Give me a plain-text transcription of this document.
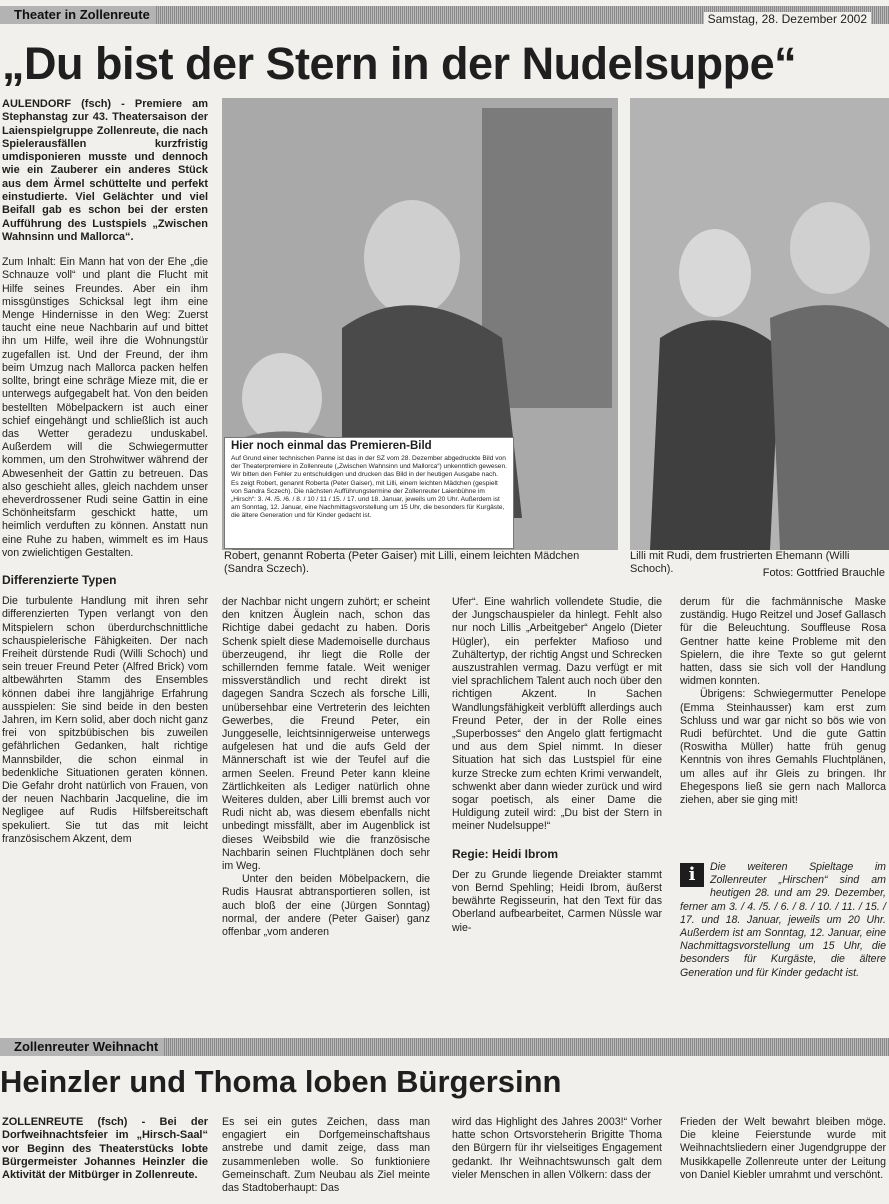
Theater in Zollenreute	Samstag, 28. Dezember 2002
„Du bist der Stern in der Nudelsuppe“

AULENDORF (fsch) - Premiere am Stephanstag zur 43. Theatersaison der Laienspielgruppe Zollenreute, die nach Spielerausfällen kurzfristig umdisponieren musste und dennoch wie ein Zauberer ein anderes Stück aus dem Ärmel schüttelte und perfekt einstudierte. Viel Gelächter und viel Beifall gab es schon bei der ersten Aufführung des Lustspiels „Zwischen Wahnsinn und Mallorca“.

Zum Inhalt: Ein Mann hat von der Ehe „die Schnauze voll“ und plant die Flucht mit Hilfe seines Freundes. Aber ein ihm missgünstiges Schicksal legt ihm eine Menge Hindernisse in den Weg: Zuerst taucht eine neue Nachbarin auf und bittet ihn um Hilfe, weil ihre die Wohnungstür zugefallen ist. Und der Freund, der ihm beim Umzug nach Mallorca packen helfen sollte, bringt eine schräge Mieze mit, die er unterwegs aufgegabelt hat. Von den beiden bestellten Möbelpackern ist auch einer schief eingehängt und schließlich ist auch das Wetter geradezu unduskabel. Außerdem will die Schwiegermutter kommen, um den Strohwitwer während der Abwesenheit der Gattin zu betreuen. Das also geschieht alles, gleich nachdem unser eheverdrossener Rudi seine Gattin in eine Schönheitsfarm geschickt hatte, um heimlich verduften zu können. Anstatt nun eine Ruhe zu haben, wimmelt es im Haus von zwielichtigen Gestalten.

Differenzierte Typen

Die turbulente Handlung mit ihren sehr differenzierten Typen verlangt von den Mitspielern schon überdurchschnittliche schauspielerische Fähigkeiten. Der nach Freiheit dürstende Rudi (Willi Schoch) und sein treuer Freund Peter (Alfred Brick) vom altbewährten Stamm des Ensembles können dabei ihre langjährige Erfahrung ausspielen: Sie sind beide in den besten Jahren, im Kern solid, aber doch nicht ganz frei von spitzbübischen bis zuweilen gefährlichen Gedanken, halt richtige Mannsbilder, die schon einmal in bedenkliche Situationen geraten können. Die Gefahr droht natürlich von Frauen, von der neuen Nachbarin Jacqueline, die im Negligee auf Rudis Hilfsbereitschaft spekuliert. Sie tut das mit leicht französischem Akzent, dem

Hier noch einmal das Premieren-Bild

Auf Grund einer technischen Panne ist das in der SZ vom 28. Dezember abgedruckte Bild von der Theaterpremiere in Zollenreute („Zwischen Wahnsinn und Mallorca“) unkenntlich gewesen. Wir bitten den Fehler zu entschuldigen und drucken das Bild in der heutigen Ausgabe nach. Es zeigt Robert, genannt Roberta (Peter Gaiser), mit Lilli, einem leichten Mädchen (gespielt von Sandra Sczech). Die nächsten Aufführungstermine der Zollenreuter Laienbühne im „Hirsch“: 3. /4. /5. /6. / 8. / 10 / 11 / 15. / 17. und 18. Januar, jeweils um 20 Uhr. Außerdem ist am Sonntag, 12. Januar, eine Nachmittagsvorstellung um 15 Uhr, die besonders für Kurgäste, die ältere Generation und für Kinder gedacht ist.

Robert, genannt Roberta (Peter Gaiser) mit Lilli, einem leichten Mädchen (Sandra Sczech).
Lilli mit Rudi, dem frustrierten Ehemann (Willi Schoch).	Fotos: Gottfried Brauchle

der Nachbar nicht ungern zuhört; er scheint den knitzen Äuglein nach, schon das Richtige dabei gedacht zu haben. Doris Schenk spielt diese Mademoiselle durchaus überzeugend, ihr liegt die Rolle der schillernden femme fatale. Weit weniger missverständlich und recht direkt ist dagegen Sandra Sczech als forsche Lilli, unübersehbar eine Vertreterin des leichten Gewerbes, die Freund Peter, ein Junggeselle, leichtsinnigerweise unterwegs aufgelesen hat und die aufs Geld der Männerschaft ist wie der Teufel auf die armen Seelen. Freund Peter kann kleine Zärtlichkeiten als Lediger natürlich ohne Weiteres dulden, aber Lilli bremst auch vor Rudi nicht ab, was diesem ebenfalls nicht unbedingt missfällt, aber im Augenblick ist dieses Weibsbild wie die französische Nachbarin seinen Fluchtplänen doch sehr im Weg.

Unter den beiden Möbelpackern, die Rudis Hausrat abtransportieren sollen, ist auch bloß der eine (Jürgen Sonntag) normal, der andere (Peter Gaiser) ganz offenbar „vom anderen

Ufer“. Eine wahrlich vollendete Studie, die der Jungschauspieler da hinlegt. Fehlt also nur noch Lillis „Arbeitgeber“ Angelo (Dieter Hügler), ein perfekter Mafioso und Zuhältertyp, der richtig Angst und Schrecken auszustrahlen vermag. Dazu verfügt er mit viel sprachlichem Talent auch noch über den richtigen Akzent. In Sachen Wandlungsfähigkeit verblüfft allerdings auch Freund Peter, der in der Rolle eines „Superbosses“ den Angelo glatt fertigmacht und aus dem Spiel nimmt. In dieser Situation hat sich das Lustspiel für eine kurze Strecke zum echten Krimi verwandelt, schwenkt aber dann wieder zurück und wird sogar poetisch, als einer Dame die Huldigung zuteil wird: „Du bist der Stern in meiner Nudelsuppe!“

Regie: Heidi Ibrom

Der zu Grunde liegende Dreiakter stammt von Bernd Spehling; Heidi Ibrom, äußerst bewährte Regisseurin, hat den Text für das Oberland aufbearbeitet, Carmen Nüssle war wie-

derum für die fachmännische Maske zuständig. Hugo Reitzel und Josef Gallasch für die Beleuchtung. Souffleuse Rosa Gentner hatte keine Probleme mit den Spielern, die ihre Texte so gut gelernt hatten, dass sie sich voll der Handlung widmen konnten.

Übrigens: Schwiegermutter Penelope (Emma Steinhausser) kam erst zum Schluss und war gar nicht so bös wie von Rudi befürchtet. Und die gute Gattin (Roswitha Müller) hatte früh genug Kenntnis von ihres Gemahls Fluchtplänen, um alles auf ihr Gleis zu bringen. Ihr Ehegespons ließ sie gern nach Mallorca ziehen, aber sie ging mit!

i	Die weiteren Spieltage im Zollenreuter „Hirschen“ sind am heutigen 28. und am 29. Dezember, ferner am 3. / 4. /5. / 6. / 8. / 10. / 11. / 15. / 17. und 18. Januar, jeweils um 20 Uhr. Außerdem ist am Sonntag, 12. Januar, eine Nachmittagsvorstellung um 15 Uhr, die besonders für Kurgäste, die ältere Generation und für Kinder gedacht ist.
Zollenreuter Weihnacht
Heinzler und Thoma loben Bürgersinn
ZOLLENREUTE (fsch) - Bei der Dorfweihnachtsfeier im „Hirsch-Saal“ vor Beginn des Theaterstücks lobte Bürgermeister Johannes Heinzler die Aktivität der Mitbürger in Zollenreute.
Es sei ein gutes Zeichen, dass man engagiert ein Dorfgemeinschaftshaus anstrebe und damit zeige, dass man zusammenleben wolle. So funktioniere Gemeinschaft. Zum Neubau als Ziel meinte das Stadtoberhaupt: Das
wird das Highlight des Jahres 2003!“ Vorher hatte schon Ortsvorsteherin Brigitte Thoma den Bürgern für ihr vielseitiges Engagement gedankt. Ihr Weihnachtswunsch galt dem vieler Menschen in allen Völkern: dass der
Frieden der Welt bewahrt bleiben möge. Die kleine Feierstunde wurde mit Weihnachtsliedern einer Jugendgruppe der Musikkapelle Zollenreute unter der Leitung von Daniel Kiebler umrahmt und verschönt.
